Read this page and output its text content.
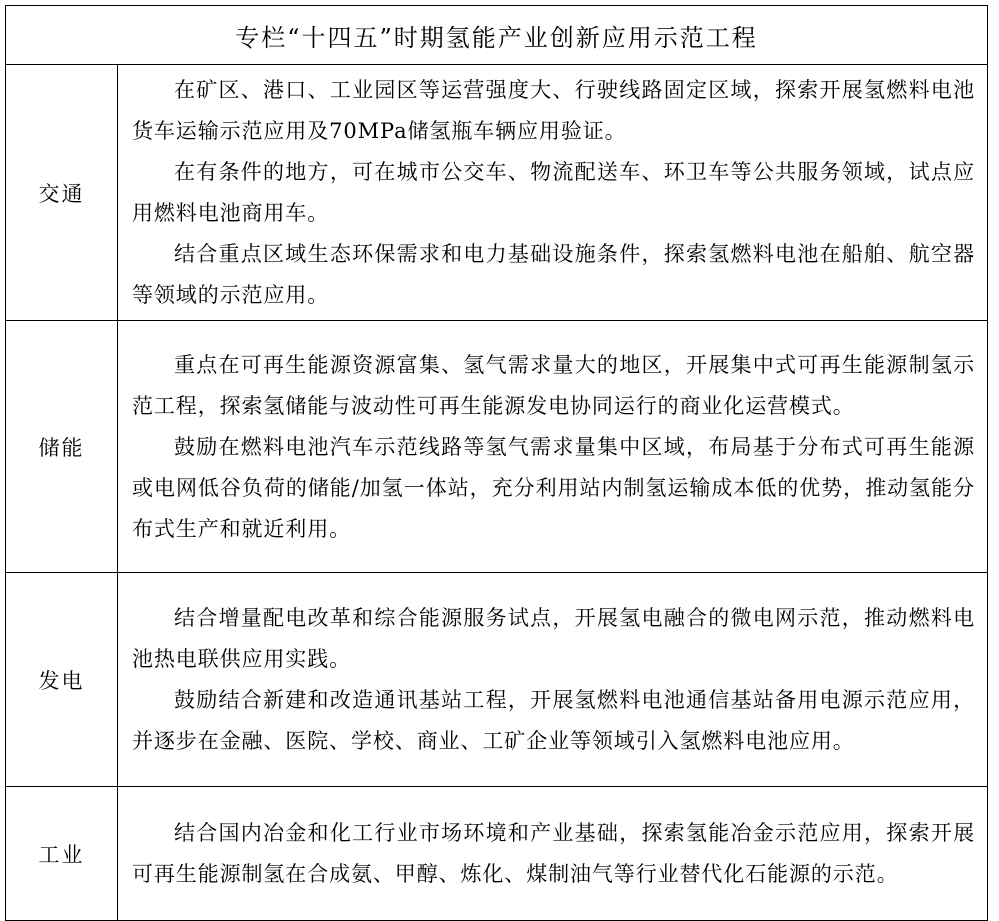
专栏“十四五”时期氢能产业创新应用示范工程	
交通	在矿区、港口、工业园区等运营强度大、行驶线路固定区域，探索开展氢燃料电池货车运输示范应用及70MPa储氢瓶车辆应用验证。

在有条件的地方，可在城市公交车、物流配送车、环卫车等公共服务领域，试点应用燃料电池商用车。

结合重点区域生态环保需求和电力基础设施条件，探索氢燃料电池在船舶、航空器等领域的示范应用。

储能	重点在可再生能源资源富集、氢气需求量大的地区，开展集中式可再生能源制氢示范工程，探索氢储能与波动性可再生能源发电协同运行的商业化运营模式。

鼓励在燃料电池汽车示范线路等氢气需求量集中区域，布局基于分布式可再生能源或电网低谷负荷的储能/加氢一体站，充分利用站内制氢运输成本低的优势，推动氢能分布式生产和就近利用。

发电	结合增量配电改革和综合能源服务试点，开展氢电融合的微电网示范，推动燃料电池热电联供应用实践。

鼓励结合新建和改造通讯基站工程，开展氢燃料电池通信基站备用电源示范应用，并逐步在金融、医院、学校、商业、工矿企业等领域引入氢燃料电池应用。

工业	结合国内冶金和化工行业市场环境和产业基础，探索氢能冶金示范应用，探索开展可再生能源制氢在合成氨、甲醇、炼化、煤制油气等行业替代化石能源的示范。
